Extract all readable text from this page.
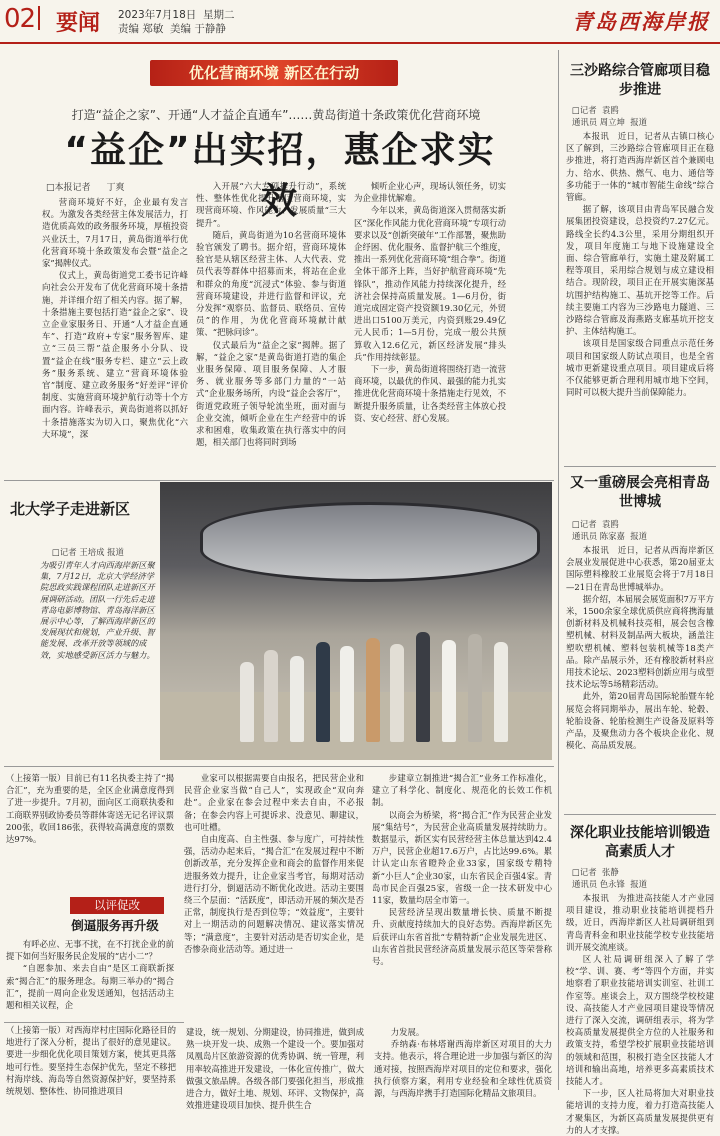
02 要闻 2023年7月18日 星期二
责编 郑敏 美编 于静静	青岛西海岸报
优化营商环境 新区在行动
打造“益企之家”、开通“人才益企直通车”……黄岛街道十条政策优化营商环境
“益企”出实招，惠企求实效
□本报记者 丁爽

营商环境好不好，企业最有发言权。为激发各类经营主体发展活力，打造优质高效的政务服务环境，厚植投资兴业沃土，7月17日，黄岛街道举行优化营商环境十条政策发布会暨“益企之家”揭牌仪式。

仪式上，黄岛街道党工委书记许峰向社会公开发布了优化营商环境十条措施，并详细介绍了相关内容。据了解，十条措施主要包括打造“益企之家”、设立企业家服务日、开通“人才益企直通车”、打造“政府+专家”服务智库、建立“三员三帮”益企服务小分队、设置“益企在线”服务专栏、建立“云上政务”服务系统、建立“营商环境体验官”制度、建立政务服务“好差评”评价制度、实施营商环境护航行动等十个方面内容。许峰表示，黄岛街道将以抓好十条措施落实为切入口，聚焦优化“六大环境”，深

入开展“六大专项提升行动”，系统性、整体性优化提升辖区营商环境，实现营商环境、作风能力、发展质量“三大提升”。

随后，黄岛街道为10名营商环境体验官颁发了聘书。据介绍，营商环境体验官是从辖区经营主体、人大代表、党员代表等群体中招募而来，将站在企业和群众的角度“沉浸式”体验、参与街道营商环境建设，并进行监督和评议，充分发挥“观察员、监督员、联络员、宣传员”的作用，为优化营商环境献计献策、“把脉问诊”。

仪式最后为“益企之家”揭牌。据了解，“益企之家”是黄岛街道打造的集企业服务保障、项目服务保障、人才服务、就业服务等多部门力量的“一站式”企业服务场所，内设“益企会客厅”，街道党政班子领导轮流坐班，面对面与企业交流，倾听企业在生产经营中的诉求和困难，收集政策在执行落实中的问题，相关部门也将同时到场

倾听企业心声，现场认领任务，切实为企业排忧解难。

今年以来，黄岛街道深入贯彻落实新区“深化作风能力优化营商环境”专项行动要求以及“创新突破年”工作部署，聚焦助企纾困、优化服务、监督护航三个维度，推出一系列优化营商环境“组合拳”。街道全体干部齐上阵，当好护航营商环境“先锋队”，推动作风能力持续深化提升，经济社会保持高质量发展。1—6月份，街道完成固定资产投资额19.30亿元，外贸进出口5100万美元，内资到账29.49亿元人民币；1—5月份，完成一般公共预算收入12.6亿元，新区经济发展“排头兵”作用持续彰显。

下一步，黄岛街道将围绕打造一流营商环境，以最优的作风、最强的能力扎实推进优化营商环境十条措施走行见效，不断提升服务质量，让各类经营主体放心投资、安心经营、舒心发展。

北大学子走进新区
□记者 王培成 报道
为吸引青年人才向西海岸新区聚集，7月12日，北京大学经济学院思政实践课程团队走进新区开展调研活动。团队一行先后走进青岛电影博物馆、青岛海洋新区展示中心等，了解西海岸新区的发展现状和规划，产业升级、智能发展、改革开放等领域的成效，实地感受新区活力与魅力。
（上接第一版）目前已有11名执委主持了“揭合汇”，充为重要的是，全区企业满意度得到了进一步提升。7月初，面向区工商联执委和工商联界别政协委员等群体寄送无记名评议票200张，收回186张，获得较高满意度的票数达97%。
以评促改
倒逼服务再升级

有呼必应、无事不扰，在不打扰企业的前提下如何当好服务民企发展的“店小二”？

“自愿参加、来去自由”是区工商联新探索“揭合汇”的服务理念。每期三举办的“揭合汇”，提前一周向企业发送通知，包括活动主题和相关议程，企

业家可以根据需要自由报名，把民营企业和民营企业家当做“自己人”，实现政企“双向奔赴”。企业家在参会过程中来去自由，不必报备；在参会内容上可提诉求、没意见、聊建议，也可吐槽。

自由度高、自主性强、参与度广，可持续性强，活动办起来后，“揭合汇”在发展过程中不断创新改革，充分发挥企业和商会的监督作用来促进服务效力提升，让企业家当考官，每期对活动进行打分，倒逼活动不断优化改进。活动主要围绕三个层面：“活跃度”，即活动开展的频次是否正常，制度执行是否到位等；“效益度”，主要针对上一期活动的问题解决情况、建议落实情况等；“满意度”，主要针对活动是否切实企业，是否惨杂商业活动等。通过进一

步建章立制推进“揭合汇”业务工作标准化，建立了科学化、制度化、规范化的长效工作机制。

以商会为桥梁，将“揭合汇”作为民营企业发展“集结号”，为民营企业高质量发展持续助力。数据显示，新区实有民营经营主体总量达到42.4万户，民营企业超17.6万户，占比达99.6%。累计认定山东省瞪羚企业33家，国家级专精特新“小巨人”企业30家，山东省民企百强4家。青岛市民企百强25家，省级一企一技术研发中心11家，数量均居全市第一。

民营经济呈现出数量增长快、质量不断提升、贡献度持续加大的良好态势。西海岸新区先后获评山东省首批“专精特新”企业发展先进区、山东省首批民营经济高质量发展示范区等荣誉称号。

（上接第一版）对西海岸村庄国际化路径目的地进行了深入分析，提出了很好的意见建议。要进一步细化优化项目策划方案，使其更具落地可行性。要坚持生态保护优先，坚定不移把村海岸线、海岛等自然资源保护好，要坚持系统规划、整体性、协同推进项目
建设，统一规划、分期建设，协同推进，做到成熟一块开发一块、成熟一个建设一个。要加强对凤凰岛片区旅游资源的优秀协调、统一管理，利用率较高推进开发建设，一体化宣传推广，做大做强文旅品牌。各级各部门要强化担当，形成推进合力，做好土地、规划、环评、文物保护，高效推进建设项目加快、提升供生合

力发展。

乔纳森·布林塔谢西海岸新区对项目的大力支持。他表示，将合理论进一步加强与新区的沟通对接，按照西海岸对项目的定位和要求，强化执行侦察方案，利用专业经验和全球性优质资源，与西海岸携手打造国际化精品文旅项目。

三沙路综合管廊项目稳步推进
□记者 袁鸥
通讯员 周立坤 报道

本报讯　近日，记者从古镇口核心区了解到，三沙路综合管廊项目正在稳步推进，将打造西海岸新区首个兼顾电力、给水、供热、燃气、电力、通信等多功能于一体的“城市智能生命线”综合管廊。

据了解，该项目由青岛军民融合发展集团投资建设，总投资约7.27亿元。路线全长约4.3公里，采用分期组织开发，项目年度施工与地下设施建设全面、综合管廊单行，实施土建及附属工程等项目，采用综合规划与成立建设相结合。现阶段，项目正在开展实施深基坑围护结构施工、基坑开挖等工作。后续主要施工内容为三沙路电力隧道、三沙路综合管廊及海燕路支廊基坑开挖支护、主体结构施工。

该项目是国家级合同重点示范任务项目和国家级人防试点项目，也是全省城市更新建设重点项目。项目建成后将不仅能够更新合理利用城市地下空间，同时可以极大提升当前保障能力。

又一重磅展会亮相青岛世博城
□记者 袁鸥
通讯员 陈家嘉 报道

本报讯　近日，记者从西海岸新区会展业发展促进中心获悉，第20届亚太国际塑料橡胶工业展览会将于7月18日—21日在青岛世博城举办。

据介绍，本届展会展览面积7万平方米，1500余家全球优质供应商将携海量创新材料及机械科技亮相，展会包含橡塑机械、材料及制品两大板块，涵盖注塑吹塑机械、塑料包装机械等18类产品。除产品展示外，还有橡胶新材料应用技术论坛、2023塑料创新应用与成型技术论坛等5场精彩活动。

此外，第20届青岛国际轮胎暨车轮展览会将同期举办，展出车轮、轮毂、轮胎设备、轮胎检测生产设备及原料等产品，及聚焦动力各个板块企业化、规模化、高品质发展。

深化职业技能培训锻造高素质人才
□记者 张静
通讯员 色永锋 报道

本报讯　为推进高技能人才产业园项目建设，推动职业技能培训提档升级，近日，西海岸新区人社局调研组到青岛青科金和职业技能学校专业技能培训开展交流座谈。

区人社局调研组深入了解了学校“学、训、赛、考”等四个方面，并实地察看了职业技能培训实训室、社训工作室等。座谈会上，双方围绕学校校建设、高技能人才产业园项目建设等情况进行了深入交流，调研组表示，将为学校高质量发展提供全方位的人社服务和政策支持，希望学校扩展职业技能培训的领域和范围，积极打造全区技能人才培训和输出高地，培养更多高素质技术技能人才。

下一步，区人社局将加大对职业技能培训的支持力度，着力打造高技能人才聚集区，为新区高质量发展提供更有力的人才支撑。
